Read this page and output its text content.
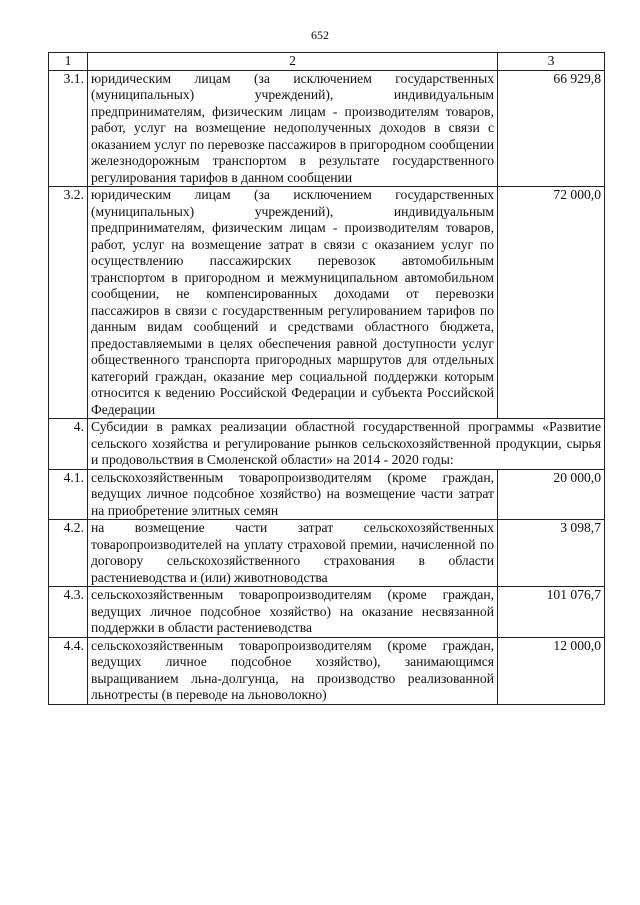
652
1	2	3
3.1.	юридическим лицам (за исключением государственных (муниципальных) учреждений), индивидуальным предпринимателям, физическим лицам - производителям товаров, работ, услуг на возмещение недополученных доходов в связи с оказанием услуг по перевозке пассажиров в пригородном сообщении железнодорожным транспортом в результате государственного регулирования тарифов в данном сообщении	66 929,8
3.2.	юридическим лицам (за исключением государственных (муниципальных) учреждений), индивидуальным предпринимателям, физическим лицам - производителям товаров, работ, услуг на возмещение затрат в связи с оказанием услуг по осуществлению пассажирских перевозок автомобильным транспортом в пригородном и межмуниципальном автомобильном сообщении, не компенсированных доходами от перевозки пассажиров в связи с государственным регулированием тарифов по данным видам сообщений и средствами областного бюджета, предоставляемыми в целях обеспечения равной доступности услуг общественного транспорта пригородных маршрутов для отдельных категорий граждан, оказание мер социальной поддержки которым относится к ведению Российской Федерации и субъекта Российской Федерации	72 000,0
4.	Субсидии в рамках реализации областной государственной программы «Развитие сельского хозяйства и регулирование рынков сельскохозяйственной продукции, сырья и продовольствия в Смоленской области» на 2014 - 2020 годы:	
4.1.	сельскохозяйственным товаропроизводителям (кроме граждан, ведущих личное подсобное хозяйство) на возмещение части затрат на приобретение элитных семян	20 000,0
4.2.	на возмещение части затрат сельскохозяйственных товаропроизводителей на уплату страховой премии, начисленной по договору сельскохозяйственного страхования в области растениеводства и (или) животноводства	3 098,7
4.3.	сельскохозяйственным товаропроизводителям (кроме граждан, ведущих личное подсобное хозяйство) на оказание несвязанной поддержки в области растениеводства	101 076,7
4.4.	сельскохозяйственным товаропроизводителям (кроме граждан, ведущих личное подсобное хозяйство), занимающимся выращиванием льна-долгунца, на производство реализованной льнотресты (в переводе на льноволокно)	12 000,0
